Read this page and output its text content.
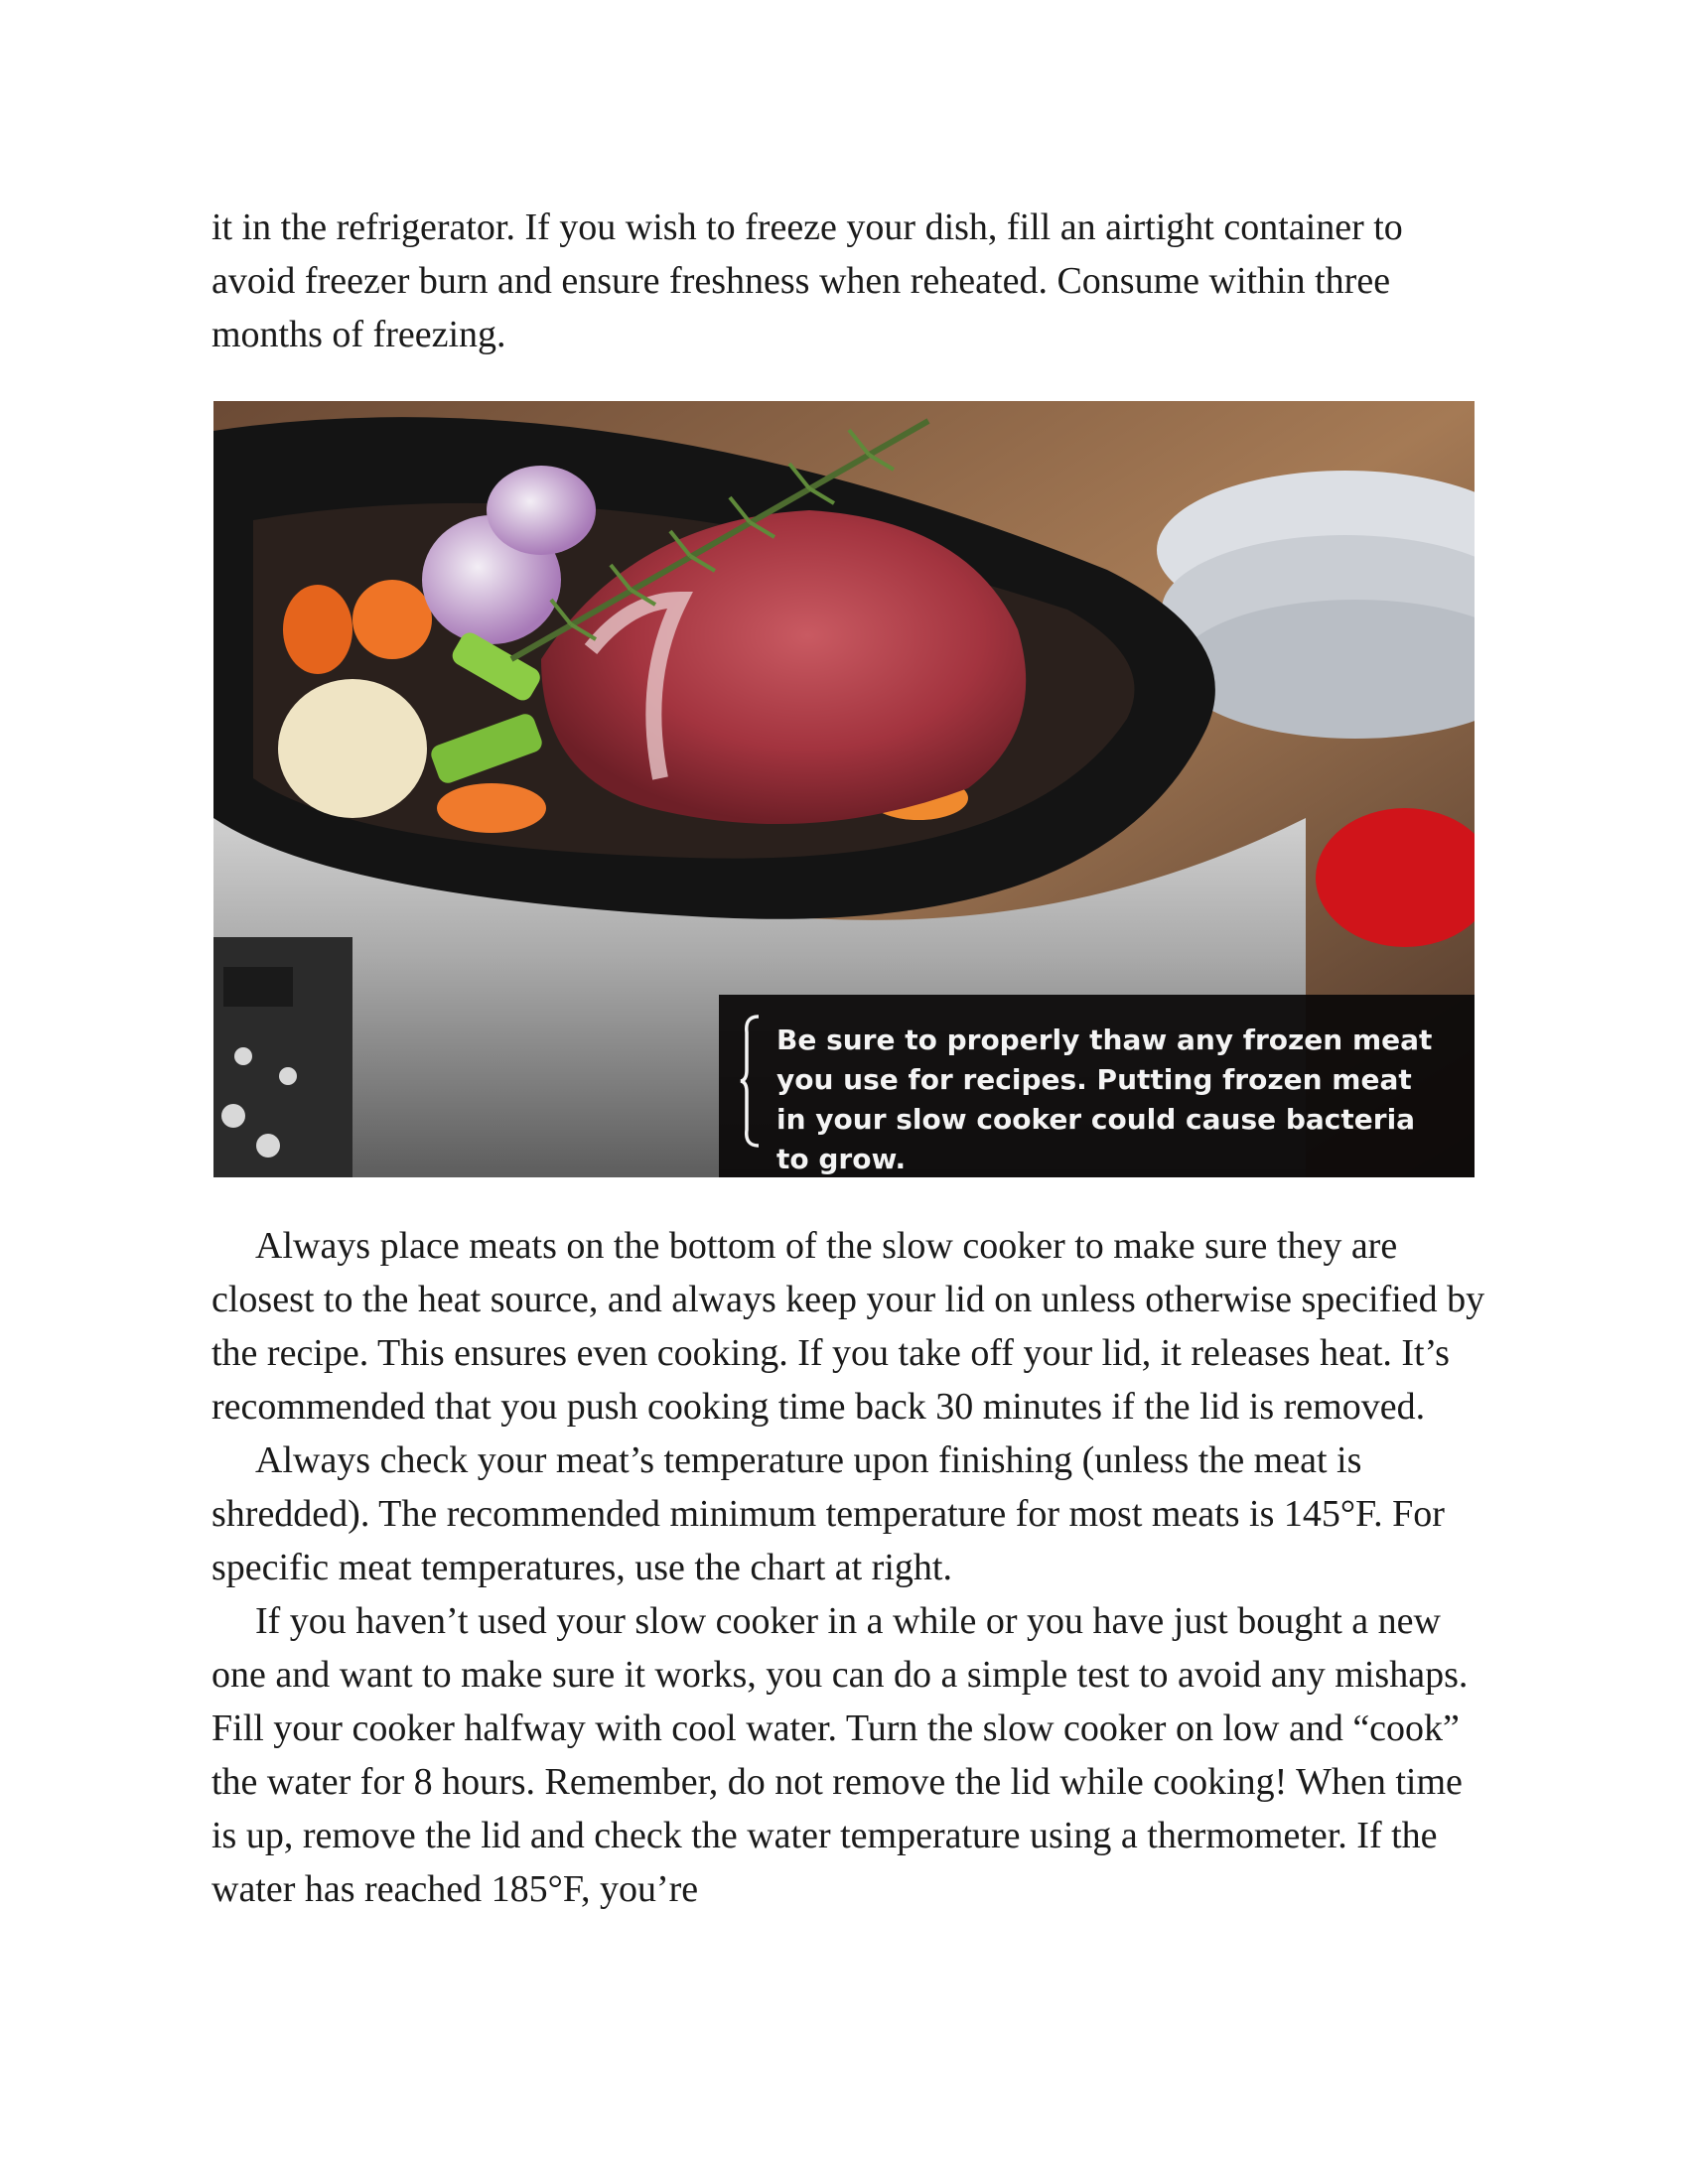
it in the refrigerator. If you wish to freeze your dish, fill an airtight container to avoid freezer burn and ensure freshness when reheated. Consume within three months of freezing.

Be sure to properly thaw any frozen meat you use for recipes. Putting frozen meat in your slow cooker could cause bacteria to grow.

Always place meats on the bottom of the slow cooker to make sure they are closest to the heat source, and always keep your lid on unless otherwise specified by the recipe. This ensures even cooking. If you take off your lid, it releases heat. It’s recommended that you push cooking time back 30 minutes if the lid is removed.

Always check your meat’s temperature upon finishing (unless the meat is shredded). The recommended minimum temperature for most meats is 145°F. For specific meat temperatures, use the chart at right.

If you haven’t used your slow cooker in a while or you have just bought a new one and want to make sure it works, you can do a simple test to avoid any mishaps. Fill your cooker halfway with cool water. Turn the slow cooker on low and “cook” the water for 8 hours. Remember, do not remove the lid while cooking! When time is up, remove the lid and check the water temperature using a thermometer. If the water has reached 185°F, you’re
